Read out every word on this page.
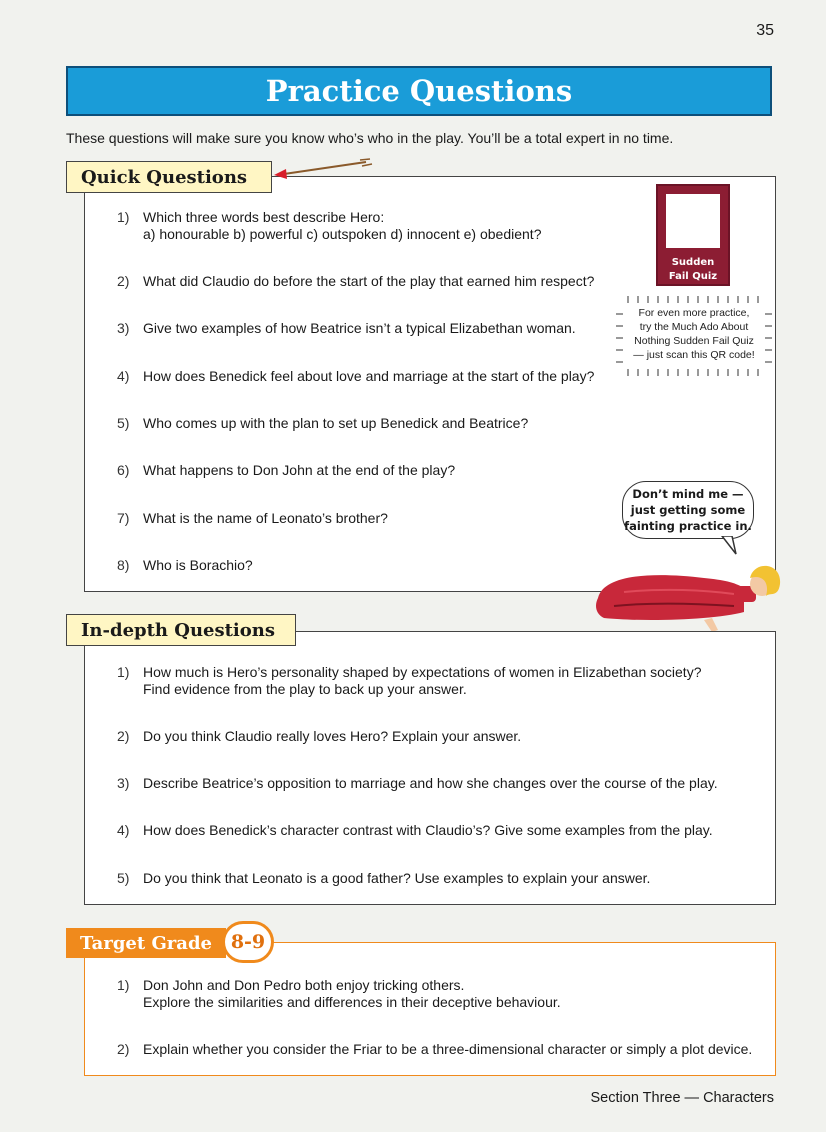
35
Practice Questions
These questions will make sure you know who’s who in the play. You’ll be a total expert in no time.
1) Which three words best describe Hero:
a) honourable b) powerful c) outspoken d) innocent e) obedient?
2) What did Claudio do before the start of the play that earned him respect?
3) Give two examples of how Beatrice isn’t a typical Elizabethan woman.
4) How does Benedick feel about love and marriage at the start of the play?
5) Who comes up with the plan to set up Benedick and Beatrice?
6) What happens to Don John at the end of the play?
7) What is the name of Leonato’s brother?
8) Who is Borachio?
Quick Questions
Sudden
Fail Quiz
For even more practice,
try the Much Ado About
Nothing Sudden Fail Quiz
— just scan this QR code!
Don’t mind me —
just getting some
fainting practice in.
1) How much is Hero’s personality shaped by expectations of women in Elizabethan society?
Find evidence from the play to back up your answer.
2) Do you think Claudio really loves Hero? Explain your answer.
3) Describe Beatrice’s opposition to marriage and how she changes over the course of the play.
4) How does Benedick’s character contrast with Claudio’s? Give some examples from the play.
5) Do you think that Leonato is a good father? Use examples to explain your answer.
In-depth Questions
1) Don John and Don Pedro both enjoy tricking others.
Explore the similarities and differences in their deceptive behaviour.
2) Explain whether you consider the Friar to be a three-dimensional character or simply a plot device.
Target Grade 8-9
Section Three — Characters
